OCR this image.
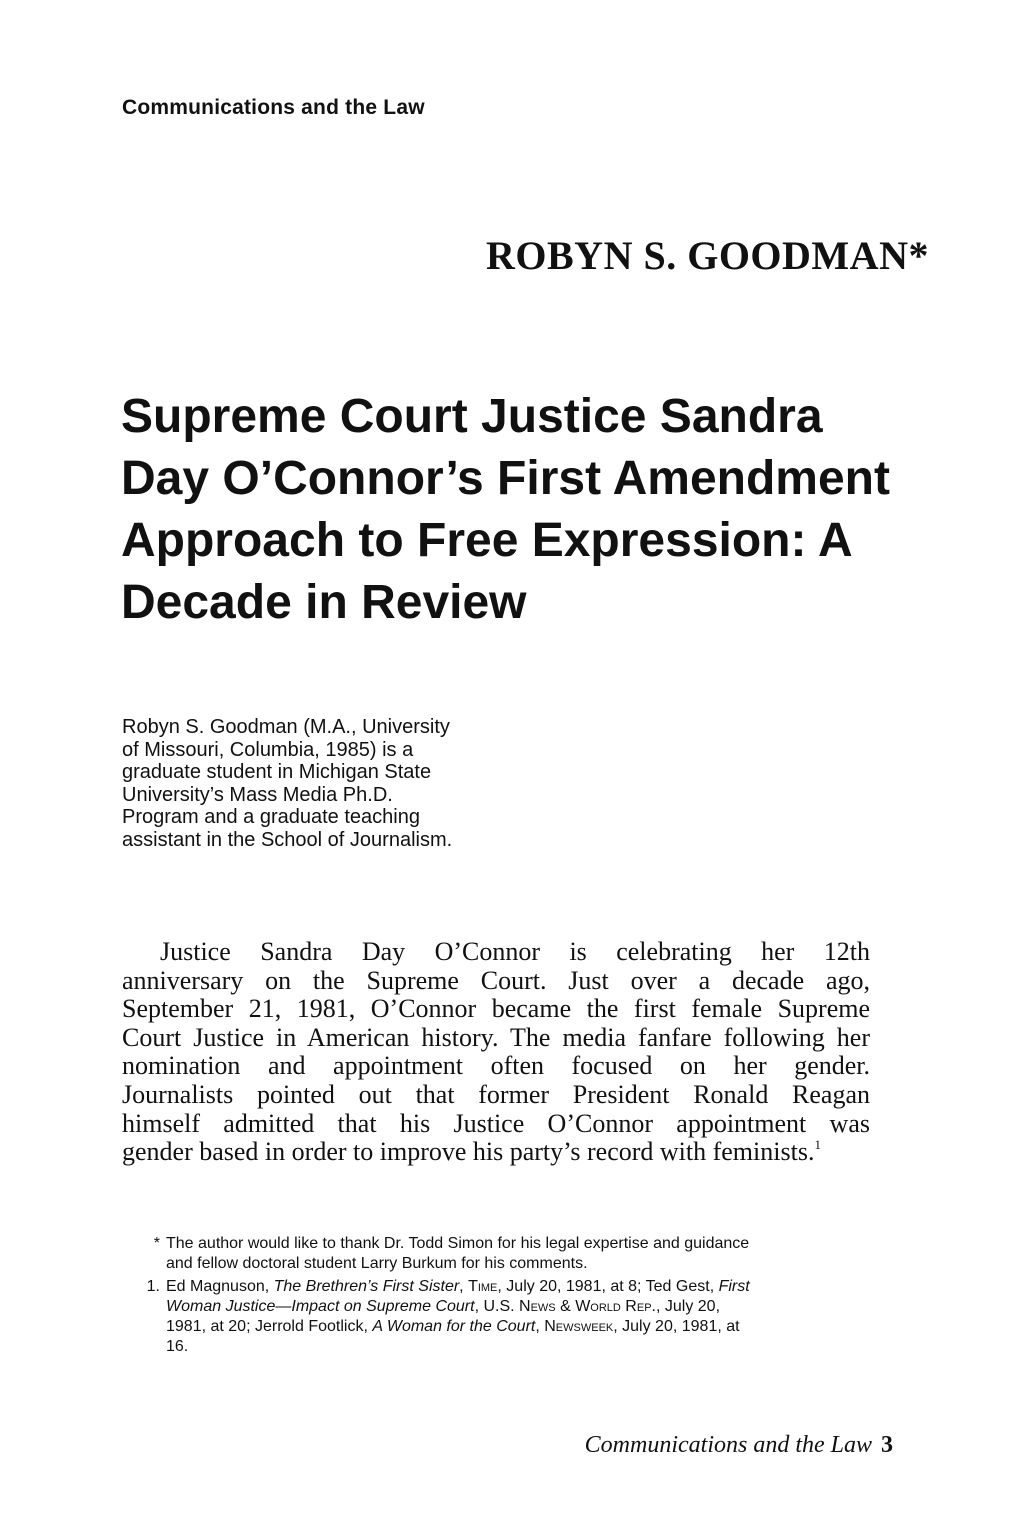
Communications and the Law
ROBYN S. GOODMAN*
Supreme Court Justice Sandra
Day O’Connor’s First Amendment
Approach to Free Expression: A
Decade in Review
Robyn S. Goodman (M.A., University
of Missouri, Columbia, 1985) is a
graduate student in Michigan State
University’s Mass Media Ph.D.
Program and a graduate teaching
assistant in the School of Journalism.

Justice Sandra Day O’Connor is celebrating her 12th
anniversary on the Supreme Court. Just over a decade ago,
September 21, 1981, O’Connor became the first female Supreme
Court Justice in American history. The media fanfare following her
nomination and appointment often focused on her gender.
Journalists pointed out that former President Ronald Reagan
himself admitted that his Justice O’Connor appointment was
gender based in order to improve his party’s record with feminists.$^1$

* The author would like to thank Dr. Todd Simon for his legal expertise and guidance
and fellow doctoral student Larry Burkum for his comments.
1. Ed Magnuson, The Brethren’s First Sister, Time, July 20, 1981, at 8; Ted Gest, First
Woman Justice—Impact on Supreme Court, U.S. News & World Rep., July 20,
1981, at 20; Jerrold Footlick, A Woman for the Court, Newsweek, July 20, 1981, at
16.
Communications and the Law 3
